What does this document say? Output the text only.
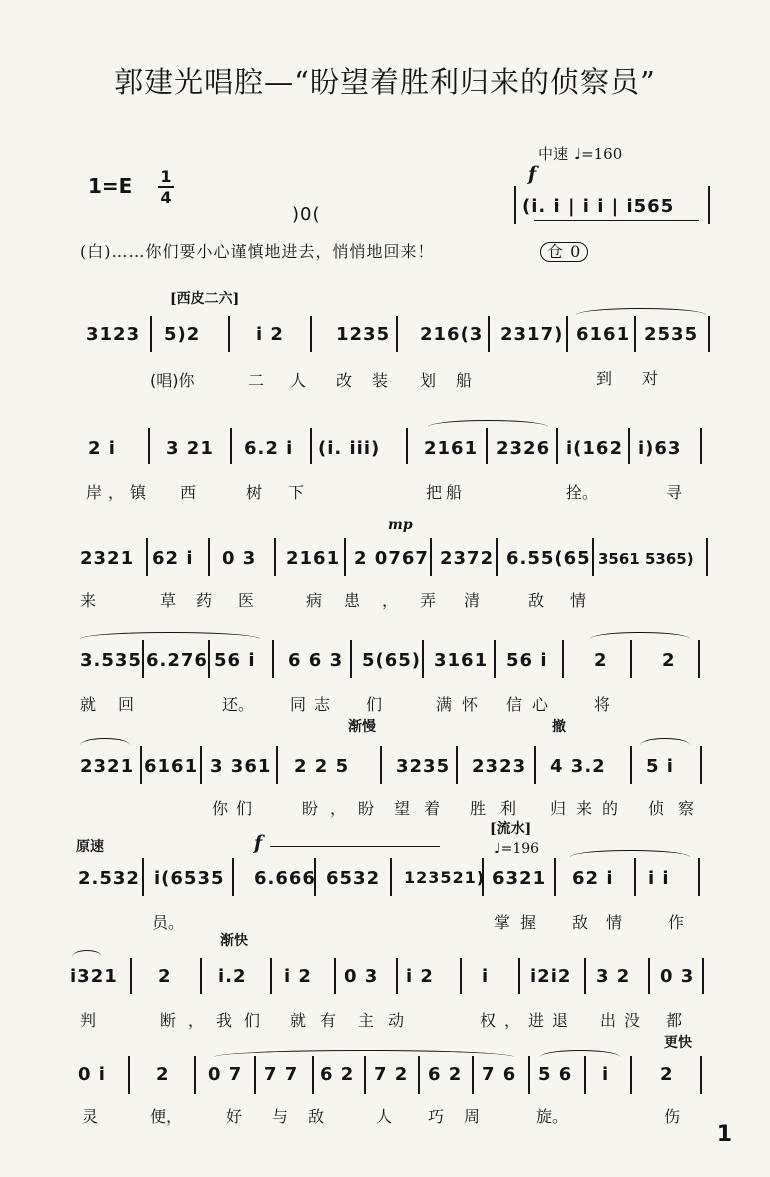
郭建光唱腔—“盼望着胜利归来的侦察员”
1=E 1
4
中速 ♩=160
f
)0(	(i. i | i i | i565
(白)……你们要小心谨慎地进去，悄悄地回来！	仓 0
[西皮二六]
3123 5)2	i 2	1235 216(3 2317) 6161 2535
(唱)你	二人 改装 划船	到对
2 i	3 21 6.2 i (i. iii) 2161 2326 i(162 i)63
岸，镇 西	树 下	把船	拴。	寻
mp
2321 62 i 0 3 2161 2 0767 2372 6.55(65 3561 5365)
来	草药 医	病患，弄 清	敌情
3.535 6.276 56 i 6 6 3 5(65) 3161 56 i	2	2
就回	还。 同志 们	满怀 信心 将
渐慢	撤
2321 6161 3 361 2 2 5	3235 2323 4 3.2 5 i
你们	盼，盼 望着 胜利 归来的 侦察
原速	f
[流水]
♩=196
2.532 i(6535 6.666 6532 123521) 6321 62 i i i
员。	掌握 敌情 作
渐快
i321 2	i.2 i 2 0 3 i 2	i i2i2 3 2 0 3
判	断，我们 就有 主动	权，进退 出没 都
更快
0 i	2 0 7 7 7 6 2 7 2 6 2 7 6 5 6 i	2
灵	便，	好 与敌 人 巧周 旋。	伤
1
